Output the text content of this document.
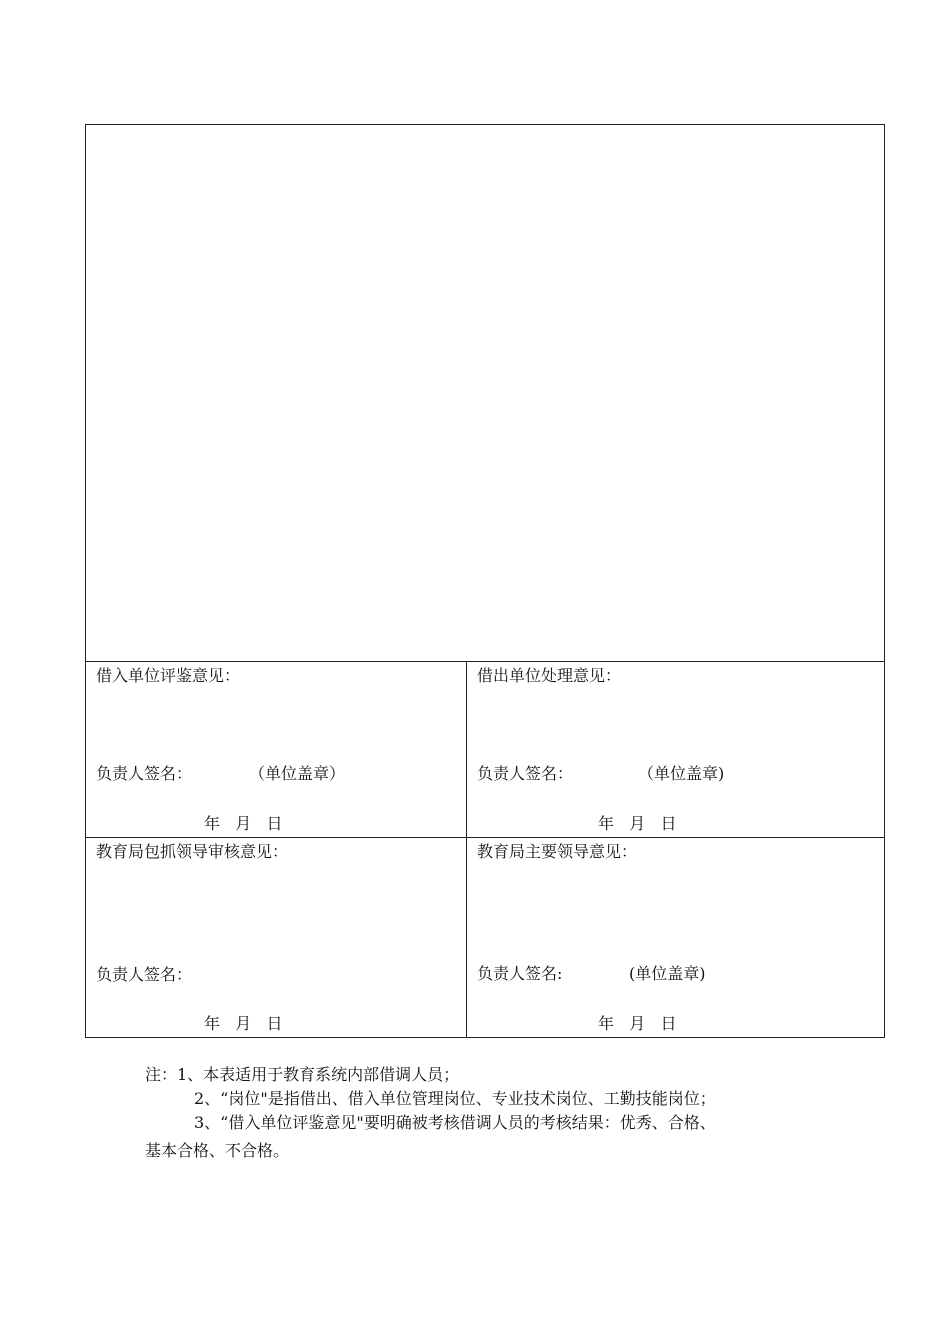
借入单位评鉴意见：
负责人签名：	（单位盖章）
年   月   日
借出单位处理意见：
负责人签名：	（单位盖章)
年   月   日
教育局包抓领导审核意见：
负责人签名：
年   月   日
教育局主要领导意见：
负责人签名:	(单位盖章)
年   月   日
注：1、本表适用于教育系统内部借调人员；
2、“岗位"是指借出、借入单位管理岗位、专业技术岗位、工勤技能岗位；
3、“借入单位评鉴意见"要明确被考核借调人员的考核结果：优秀、合格、
基本合格、不合格。
